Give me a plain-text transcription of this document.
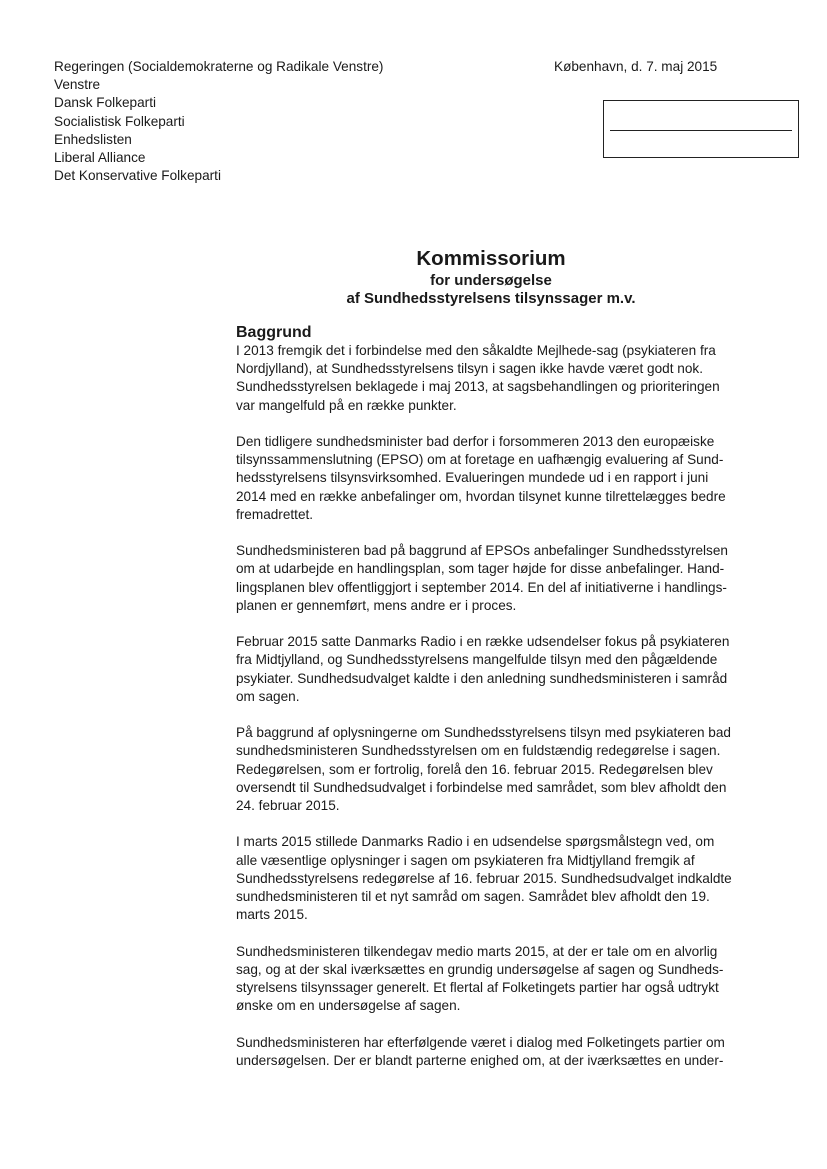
Regeringen (Socialdemokraterne og Radikale Venstre)
Venstre
Dansk Folkeparti
Socialistisk Folkeparti
Enhedslisten
Liberal Alliance
Det Konservative Folkeparti
København, d. 7. maj 2015
Kommissorium
for undersøgelse
af Sundhedsstyrelsens tilsynssager m.v.
Baggrund

I 2013 fremgik det i forbindelse med den såkaldte Mejlhede-sag (psykiateren fra
Nordjylland), at Sundhedsstyrelsens tilsyn i sagen ikke havde været godt nok.
Sundhedsstyrelsen beklagede i maj 2013, at sagsbehandlingen og prioriteringen
var mangelfuld på en række punkter.

Den tidligere sundhedsminister bad derfor i forsommeren 2013 den europæiske
tilsynssammenslutning (EPSO) om at foretage en uafhængig evaluering af Sund-
hedsstyrelsens tilsynsvirksomhed. Evalueringen mundede ud i en rapport i juni
2014 med en række anbefalinger om, hvordan tilsynet kunne tilrettelægges bedre
fremadrettet.

Sundhedsministeren bad på baggrund af EPSOs anbefalinger Sundhedsstyrelsen
om at udarbejde en handlingsplan, som tager højde for disse anbefalinger. Hand-
lingsplanen blev offentliggjort i september 2014. En del af initiativerne i handlings-
planen er gennemført, mens andre er i proces.

Februar 2015 satte Danmarks Radio i en række udsendelser fokus på psykiateren
fra Midtjylland, og Sundhedsstyrelsens mangelfulde tilsyn med den pågældende
psykiater. Sundhedsudvalget kaldte i den anledning sundhedsministeren i samråd
om sagen.

På baggrund af oplysningerne om Sundhedsstyrelsens tilsyn med psykiateren bad
sundhedsministeren Sundhedsstyrelsen om en fuldstændig redegørelse i sagen.
Redegørelsen, som er fortrolig, forelå den 16. februar 2015. Redegørelsen blev
oversendt til Sundhedsudvalget i forbindelse med samrådet, som blev afholdt den
24. februar 2015.

I marts 2015 stillede Danmarks Radio i en udsendelse spørgsmålstegn ved, om
alle væsentlige oplysninger i sagen om psykiateren fra Midtjylland fremgik af
Sundhedsstyrelsens redegørelse af 16. februar 2015. Sundhedsudvalget indkaldte
sundhedsministeren til et nyt samråd om sagen. Samrådet blev afholdt den 19.
marts 2015.

Sundhedsministeren tilkendegav medio marts 2015, at der er tale om en alvorlig
sag, og at der skal iværksættes en grundig undersøgelse af sagen og Sundheds-
styrelsens tilsynssager generelt. Et flertal af Folketingets partier har også udtrykt
ønske om en undersøgelse af sagen.

Sundhedsministeren har efterfølgende været i dialog med Folketingets partier om
undersøgelsen. Der er blandt parterne enighed om, at der iværksættes en under-
